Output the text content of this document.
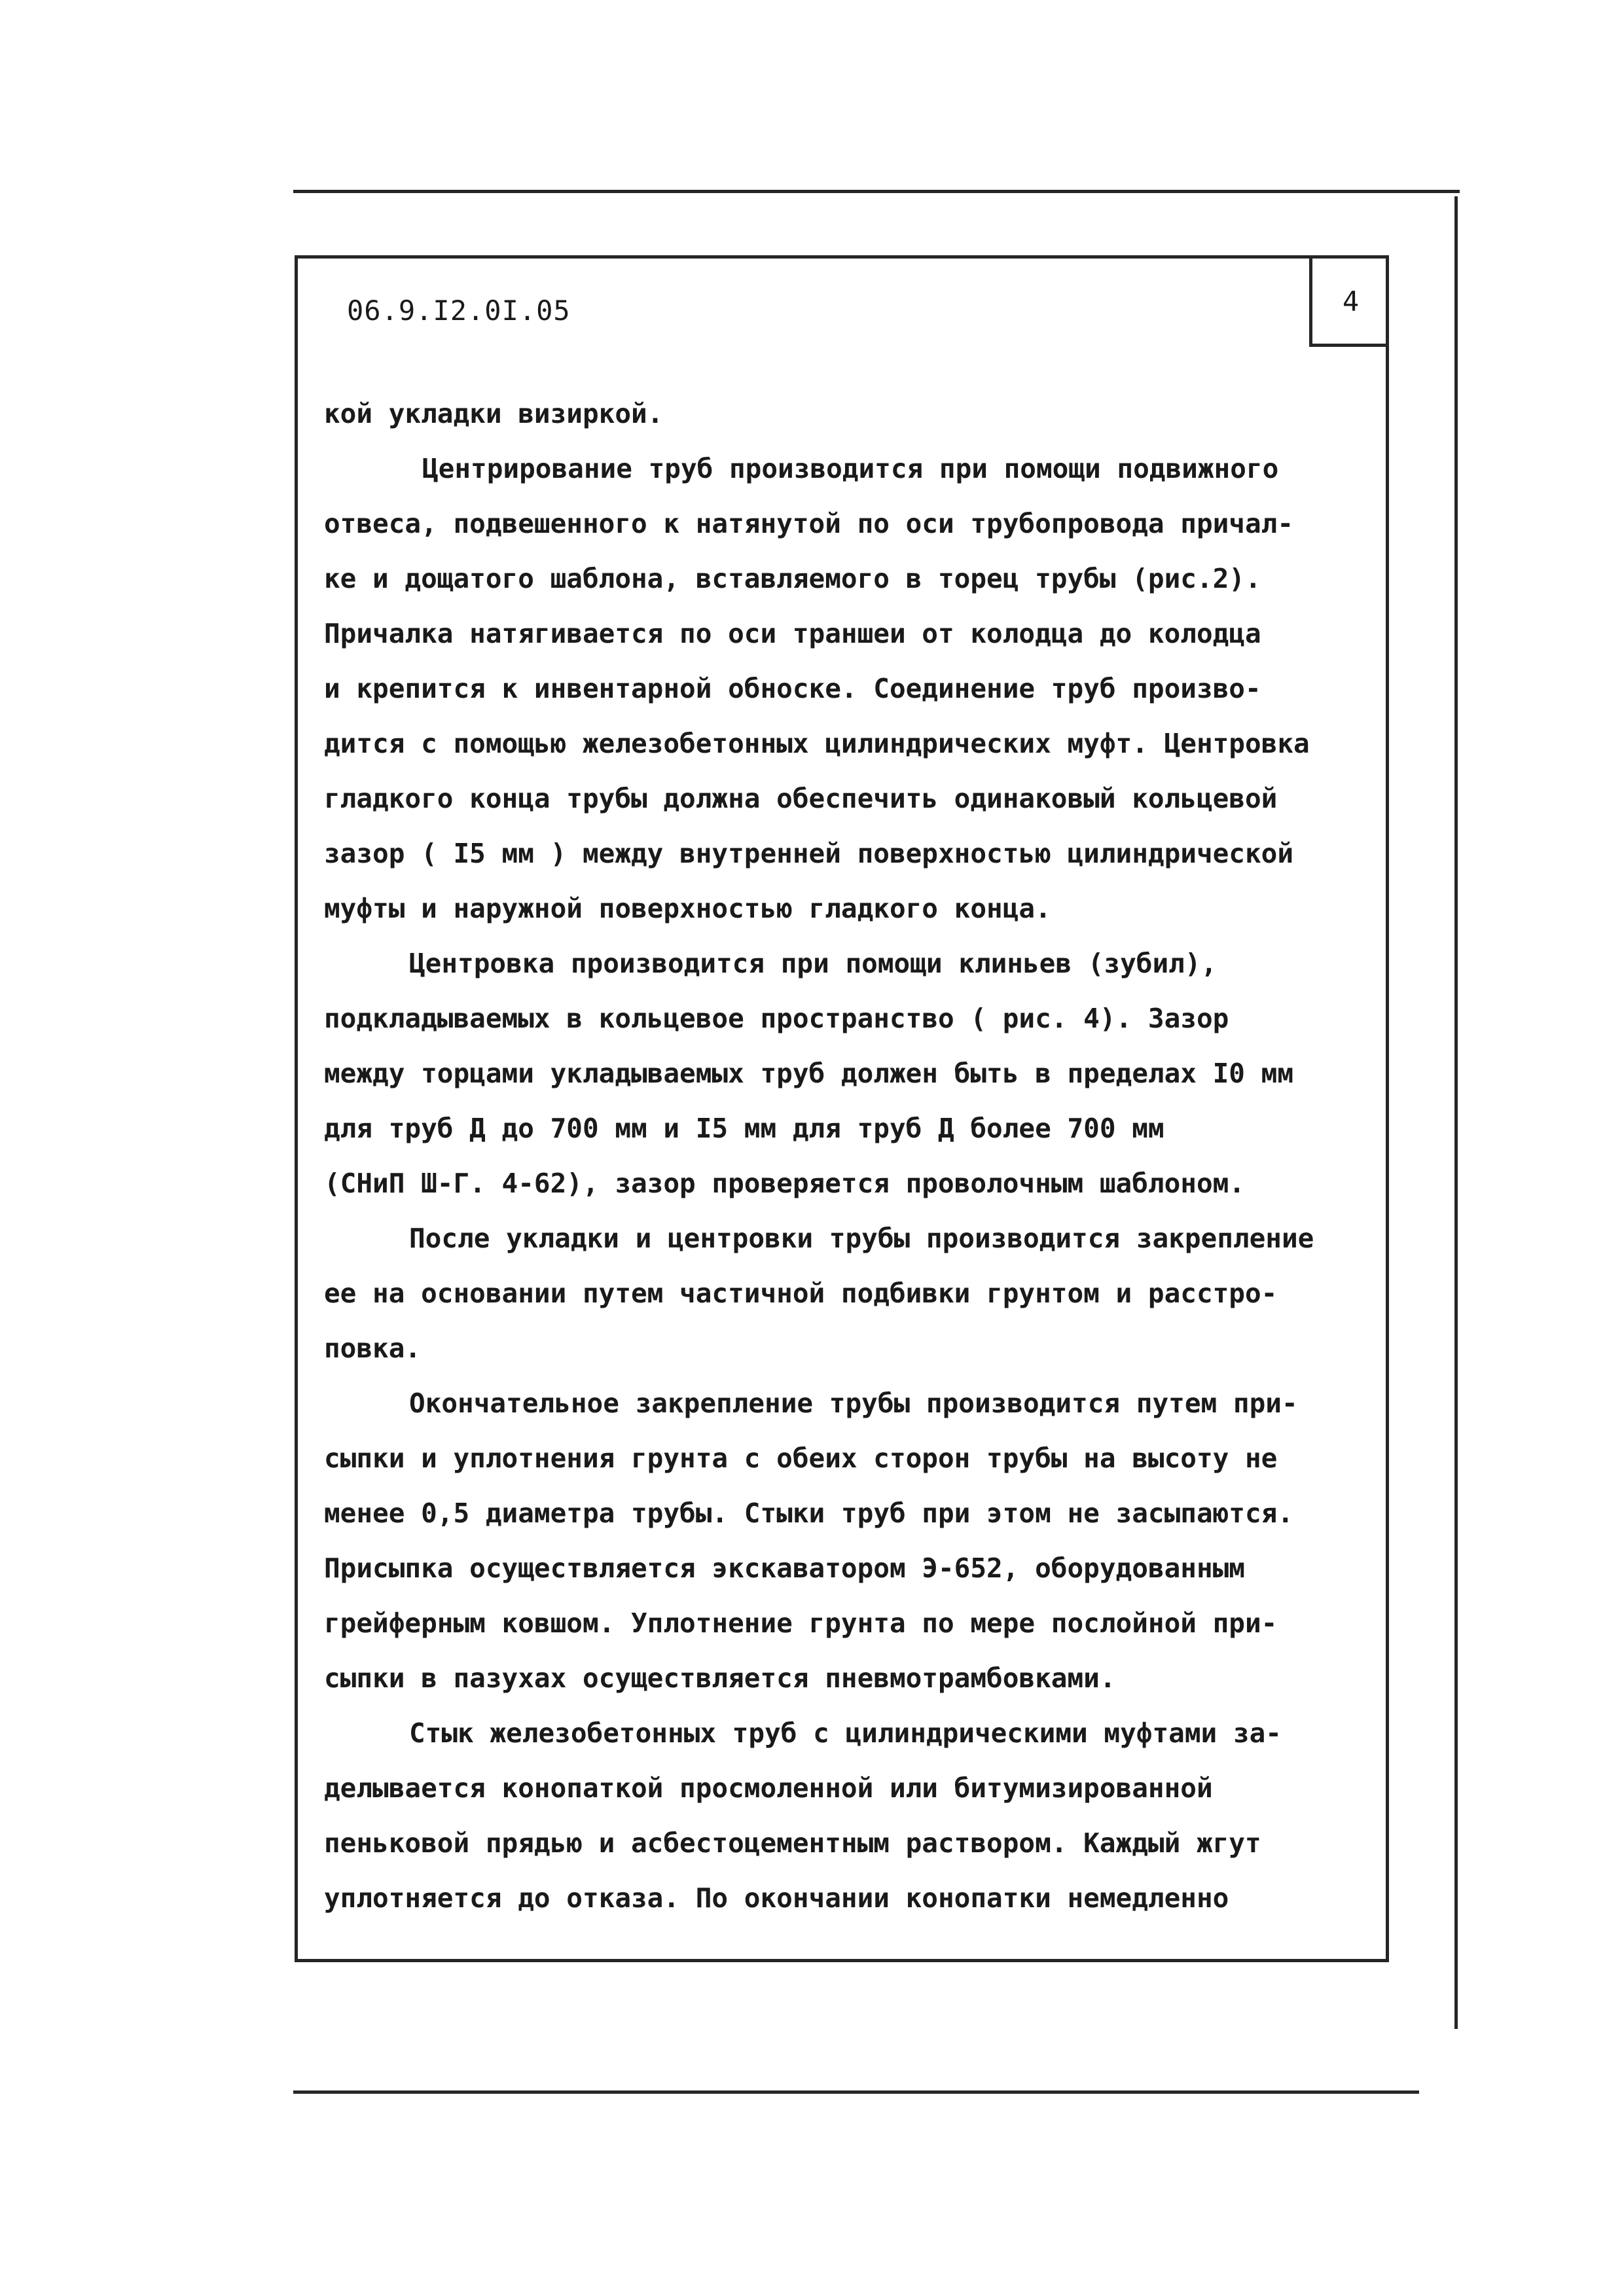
06.9.I2.0I.05	4
кой укладки визиркой.
Центрирование труб производится при помощи подвижного
отвеса, подвешенного к натянутой по оси трубопровода причал-
ке и дощатого шаблона, вставляемого в торец трубы (рис.2).
Причалка натягивается по оси траншеи от колодца до колодца
и крепится к инвентарной обноске. Соединение труб произво-
дится с помощью железобетонных цилиндрических муфт. Центровка
гладкого конца трубы должна обеспечить одинаковый кольцевой
зазор ( I5 мм ) между внутренней поверхностью цилиндрической
муфты и наружной поверхностью гладкого конца.
Центровка производится при помощи клиньев (зубил),
подкладываемых в кольцевое пространство ( рис. 4). Зазор
между торцами укладываемых труб должен быть в пределах I0 мм
для труб Д до 700 мм и I5 мм для труб Д более 700 мм
(СНиП Ш-Г. 4-62), зазор проверяется проволочным шаблоном.
После укладки и центровки трубы производится закрепление
ее на основании путем частичной подбивки грунтом и расстро-
повка.
Окончательное закрепление трубы производится путем при-
сыпки и уплотнения грунта с обеих сторон трубы на высоту не
менее 0,5 диаметра трубы. Стыки труб при этом не засыпаются.
Присыпка осуществляется экскаватором Э-652, оборудованным
грейферным ковшом. Уплотнение грунта по мере послойной при-
сыпки в пазухах осуществляется пневмотрамбовками.
Стык железобетонных труб с цилиндрическими муфтами за-
делывается конопаткой просмоленной или битумизированной
пеньковой прядью и асбестоцементным раствором. Каждый жгут
уплотняется до отказа. По окончании конопатки немедленно
